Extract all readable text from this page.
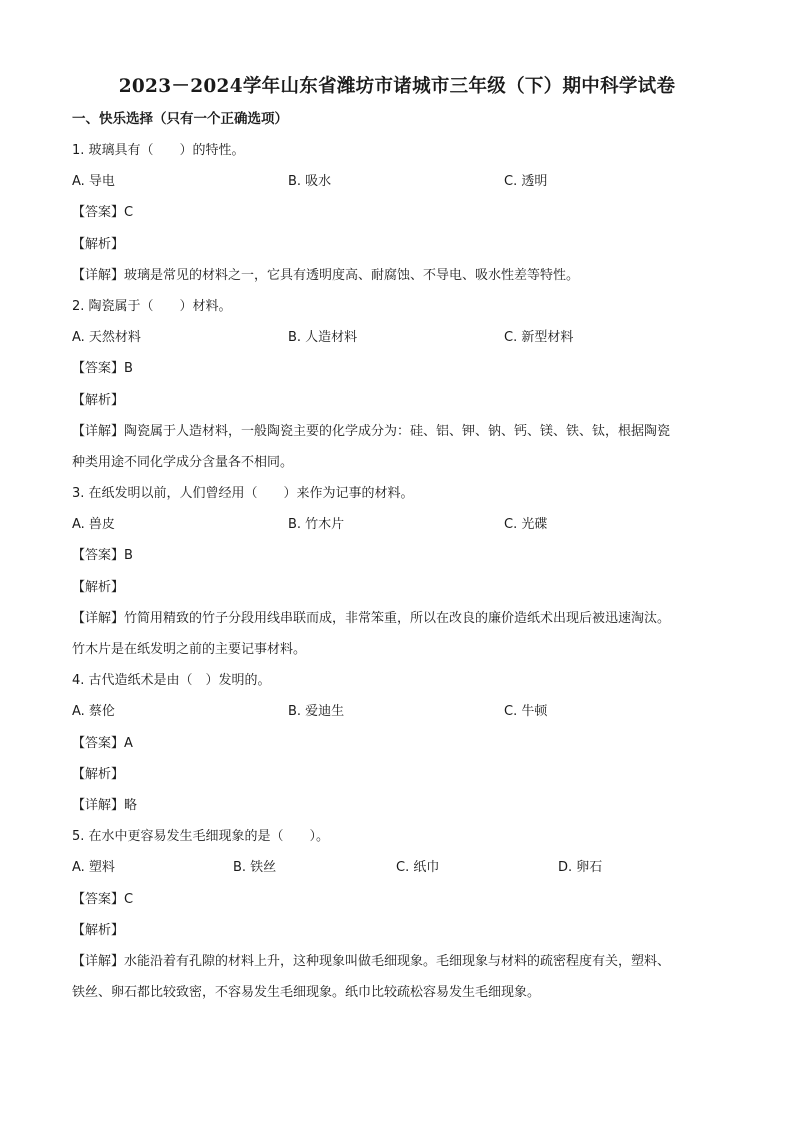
2023－2024学年山东省潍坊市诸城市三年级（下）期中科学试卷
一、快乐选择（只有一个正确选项）
1. 玻璃具有（　　）的特性。
A. 导电	B. 吸水	C. 透明
【答案】C
【解析】
【详解】玻璃是常见的材料之一，它具有透明度高、耐腐蚀、不导电、吸水性差等特性。
2. 陶瓷属于（　　）材料。
A. 天然材料	B. 人造材料	C. 新型材料
【答案】B
【解析】
【详解】陶瓷属于人造材料，一般陶瓷主要的化学成分为：硅、铝、钾、钠、钙、镁、铁、钛，根据陶瓷
种类用途不同化学成分含量各不相同。
3. 在纸发明以前，人们曾经用（　　）来作为记事的材料。
A. 兽皮	B. 竹木片	C. 光碟
【答案】B
【解析】
【详解】竹简用精致的竹子分段用线串联而成，非常笨重，所以在改良的廉价造纸术出现后被迅速淘汰。
竹木片是在纸发明之前的主要记事材料。
4. 古代造纸术是由（　）发明的。
A. 蔡伦	B. 爱迪生	C. 牛顿
【答案】A
【解析】
【详解】略
5. 在水中更容易发生毛细现象的是（　　）。
A. 塑料	B. 铁丝	C. 纸巾	D. 卵石
【答案】C
【解析】
【详解】水能沿着有孔隙的材料上升，这种现象叫做毛细现象。毛细现象与材料的疏密程度有关，塑料、
铁丝、卵石都比较致密，不容易发生毛细现象。纸巾比较疏松容易发生毛细现象。
